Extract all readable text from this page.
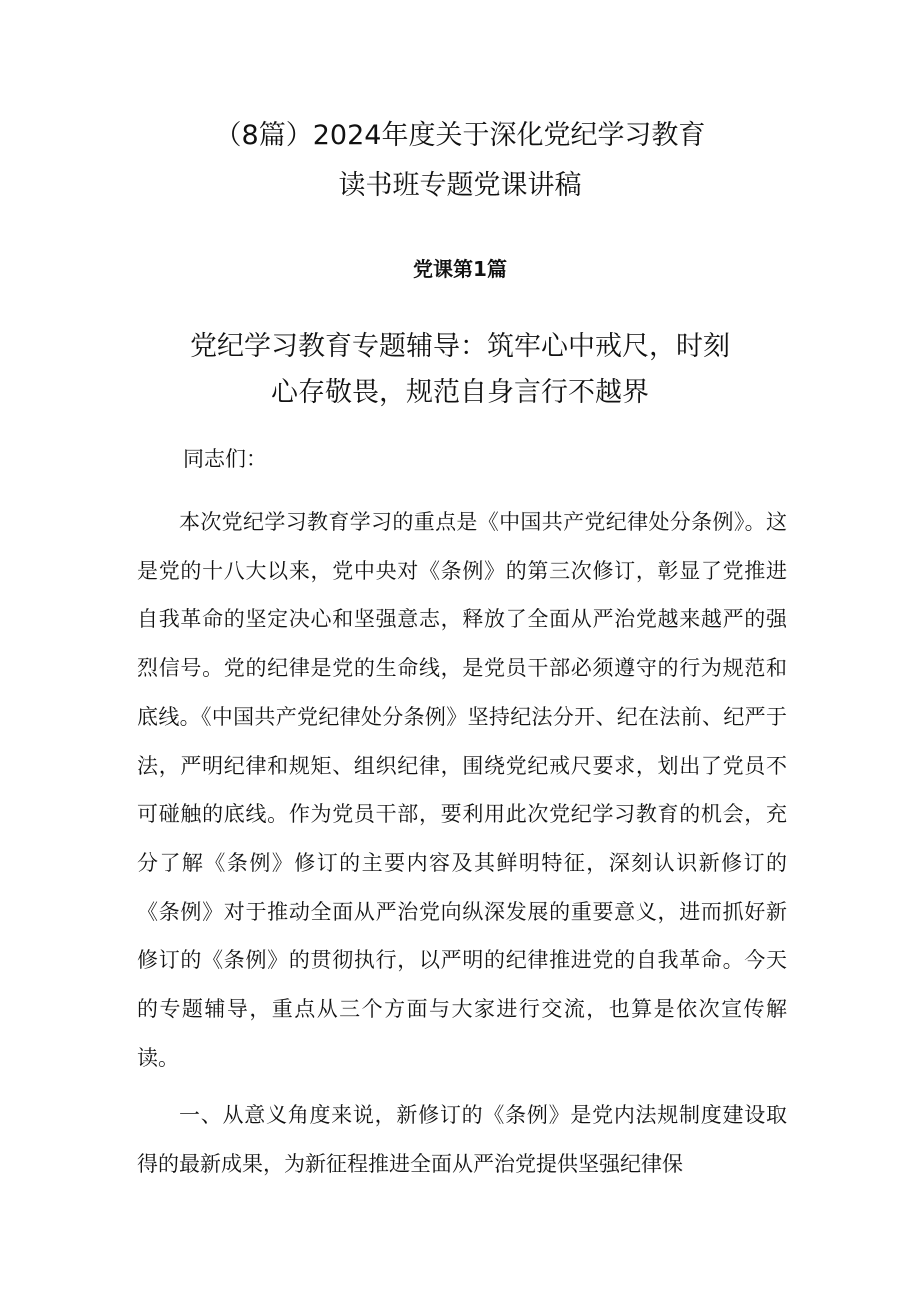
（8篇）2024年度关于深化党纪学习教育
读书班专题党课讲稿
党课第1篇
党纪学习教育专题辅导：筑牢心中戒尺，时刻
心存敬畏，规范自身言行不越界
同志们：
本次党纪学习教育学习的重点是《中国共产党纪律处分条例》。这是党的十八大以来，党中央对《条例》的第三次修订，彰显了党推进自我革命的坚定决心和坚强意志，释放了全面从严治党越来越严的强烈信号。党的纪律是党的生命线，是党员干部必须遵守的行为规范和底线。《中国共产党纪律处分条例》坚持纪法分开、纪在法前、纪严于法，严明纪律和规矩、组织纪律，围绕党纪戒尺要求，划出了党员不可碰触的底线。作为党员干部，要利用此次党纪学习教育的机会，充分了解《条例》修订的主要内容及其鲜明特征，深刻认识新修订的《条例》对于推动全面从严治党向纵深发展的重要意义，进而抓好新修订的《条例》的贯彻执行，以严明的纪律推进党的自我革命。今天的专题辅导，重点从三个方面与大家进行交流，也算是依次宣传解读。
一、从意义角度来说，新修订的《条例》是党内法规制度建设取得的最新成果，为新征程推进全面从严治党提供坚强纪律保
